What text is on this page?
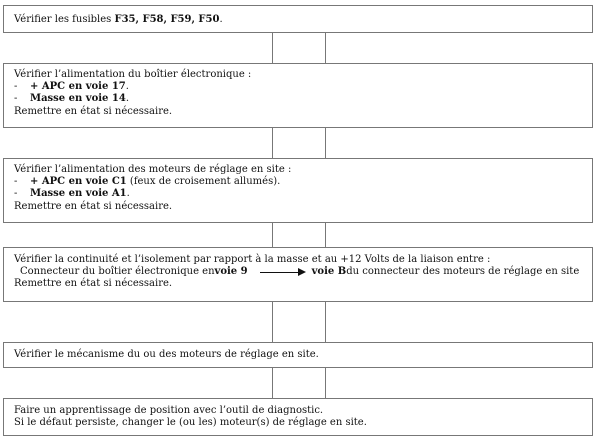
Vérifier les fusibles F35, F58, F59, F50.
Vérifier l’alimentation du boîtier électronique :
- + APC en voie 17.
- Masse en voie 14.
Remettre en état si nécessaire.
Vérifier l’alimentation des moteurs de réglage en site :
- + APC en voie C1 (feux de croisement allumés).
- Masse en voie A1.
Remettre en état si nécessaire.
Vérifier la continuité et l’isolement par rapport à la masse et au +12 Volts de la liaison entre :
Connecteur du boîtier électronique en voie 9	voie B du connecteur des moteurs de réglage en site
Remettre en état si nécessaire.
Vérifier le mécanisme du ou des moteurs de réglage en site.
Faire un apprentissage de position avec l’outil de diagnostic.
Si le défaut persiste, changer le (ou les) moteur(s) de réglage en site.
